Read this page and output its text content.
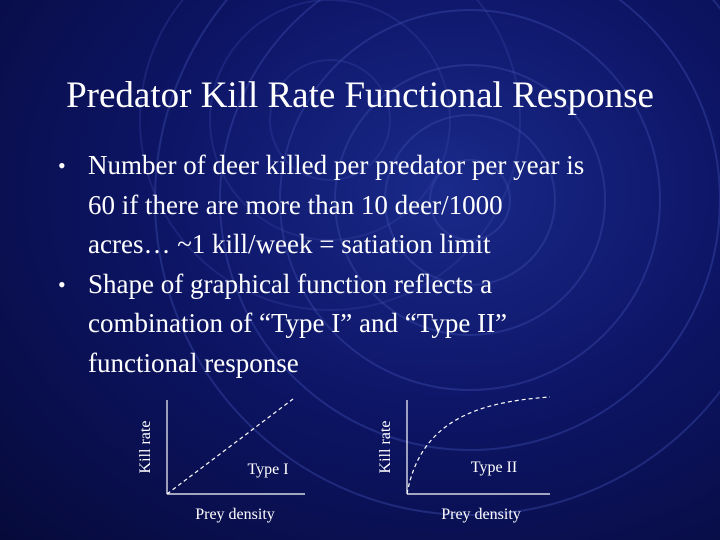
Predator Kill Rate Functional Response
• Number of deer killed per predator per year is
60 if there are more than 10 deer/1000
acres… ~1 kill/week = satiation limit
• Shape of graphical function reflects a
combination of “Type I” and “Type II”
functional response
Kill rate	Type I
Prey density
Kill rate	Type II
Prey density
